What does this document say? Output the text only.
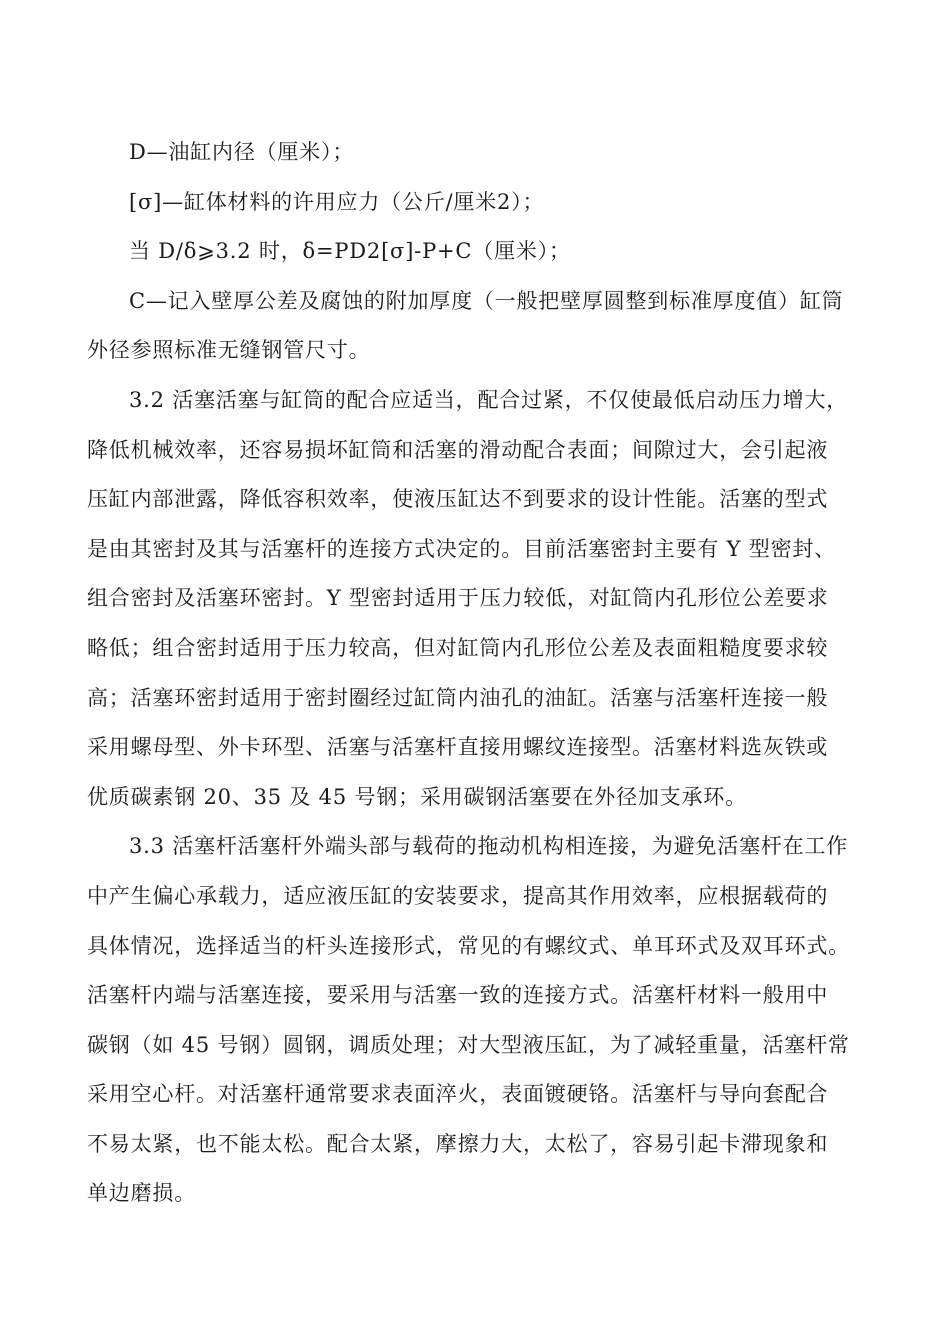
D—油缸内径（厘米）；
[σ]—缸体材料的许用应力（公斤/厘米2）；
当 D/δ⩾3.2 时，δ=PD2[σ]-P+C（厘米）；
C—记入壁厚公差及腐蚀的附加厚度（一般把壁厚圆整到标准厚度值）缸筒
外径参照标准无缝钢管尺寸。
3.2 活塞活塞与缸筒的配合应适当，配合过紧，不仅使最低启动压力增大，
降低机械效率，还容易损坏缸筒和活塞的滑动配合表面；间隙过大，会引起液
压缸内部泄露，降低容积效率，使液压缸达不到要求的设计性能。活塞的型式
是由其密封及其与活塞杆的连接方式决定的。目前活塞密封主要有 Y 型密封、
组合密封及活塞环密封。Y 型密封适用于压力较低，对缸筒内孔形位公差要求
略低；组合密封适用于压力较高，但对缸筒内孔形位公差及表面粗糙度要求较
高；活塞环密封适用于密封圈经过缸筒内油孔的油缸。活塞与活塞杆连接一般
采用螺母型、外卡环型、活塞与活塞杆直接用螺纹连接型。活塞材料选灰铁或
优质碳素钢 20、35 及 45 号钢；采用碳钢活塞要在外径加支承环。
3.3 活塞杆活塞杆外端头部与载荷的拖动机构相连接，为避免活塞杆在工作
中产生偏心承载力，适应液压缸的安装要求，提高其作用效率，应根据载荷的
具体情况，选择适当的杆头连接形式，常见的有螺纹式、单耳环式及双耳环式。
活塞杆内端与活塞连接，要采用与活塞一致的连接方式。活塞杆材料一般用中
碳钢（如 45 号钢）圆钢，调质处理；对大型液压缸，为了减轻重量，活塞杆常
采用空心杆。对活塞杆通常要求表面淬火，表面镀硬铬。活塞杆与导向套配合
不易太紧，也不能太松。配合太紧，摩擦力大，太松了，容易引起卡滞现象和
单边磨损。
